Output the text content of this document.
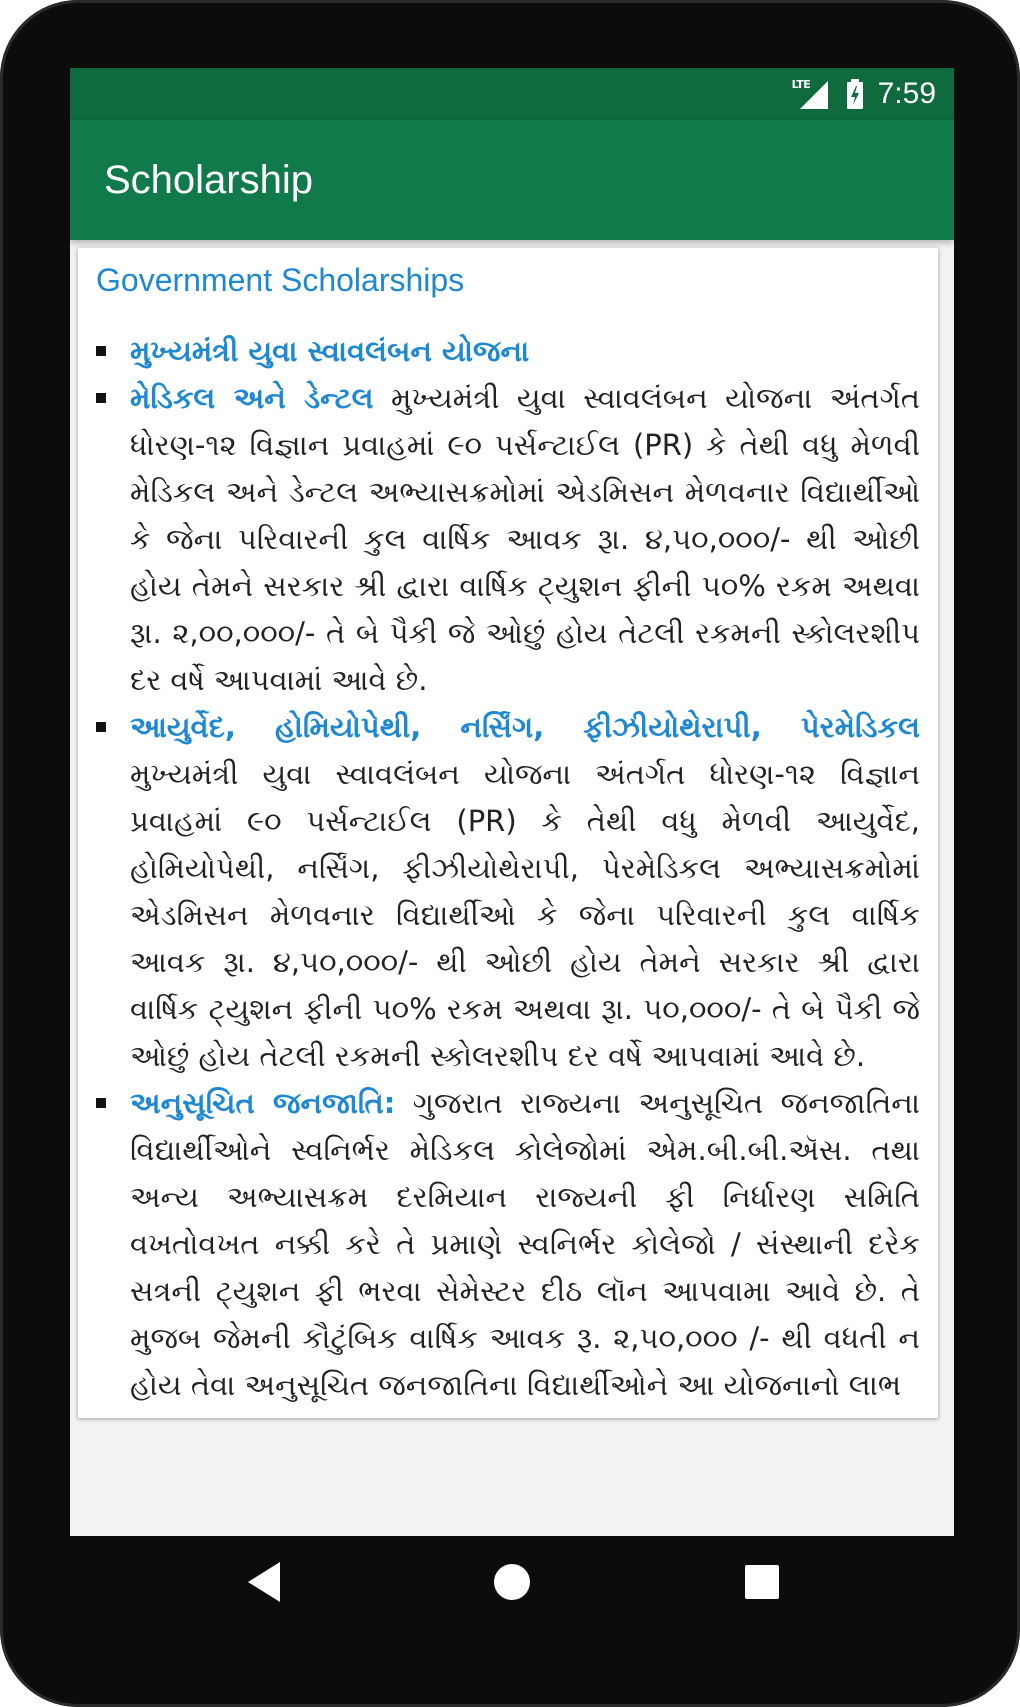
LTE 7:59
Scholarship
Government Scholarships
મુખ્યમંત્રી યુવા સ્વાવલંબન યોજના
મેડિકલ અને ડેન્ટલ મુખ્યમંત્રી યુવા સ્વાવલંબન યોજના અંતર્ગત ધોરણ-૧૨ વિજ્ઞાન પ્રવાહમાં ૯૦ પર્સન્ટાઈલ (PR) કે તેથી વધુ મેળવી મેડિકલ અને ડેન્ટલ અભ્યાસક્રમોમાં એડમિસન મેળવનાર વિદ્યાર્થીઓ કે જેના પરિવારની કુલ વાર્ષિક આવક રૂા. ૪,૫૦,૦૦૦/- થી ઓછી હોય તેમને સરકાર શ્રી દ્વારા વાર્ષિક ટ્યુશન ફીની ૫૦% રકમ અથવા રૂા. ૨,૦૦,૦૦૦/- તે બે પૈકી જે ઓછું હોય તેટલી રકમની સ્કોલરશીપ દર વર્ષે આપવામાં આવે છે.
આયુર્વેદ, હોમિયોપેથી, નર્સિંગ, ફીઝીયોથેરાપી, પેરમેડિકલ મુખ્યમંત્રી યુવા સ્વાવલંબન યોજના અંતર્ગત ધોરણ-૧૨ વિજ્ઞાન પ્રવાહમાં ૯૦ પર્સન્ટાઈલ (PR) કે તેથી વધુ મેળવી આયુર્વેદ, હોમિયોપેથી, નર્સિંગ, ફીઝીયોથેરાપી, પેરમેડિકલ અભ્યાસક્રમોમાં એડમિસન મેળવનાર વિદ્યાર્થીઓ કે જેના પરિવારની કુલ વાર્ષિક આવક રૂા. ૪,૫૦,૦૦૦/- થી ઓછી હોય તેમને સરકાર શ્રી દ્વારા વાર્ષિક ટ્યુશન ફીની ૫૦% રકમ અથવા રૂા. ૫૦,૦૦૦/- તે બે પૈકી જે ઓછું હોય તેટલી રકમની સ્કોલરશીપ દર વર્ષે આપવામાં આવે છે.
અનુસૂચિત જનજાતિ: ગુજરાત રાજ્યના અનુસૂચિત જનજાતિના વિદ્યાર્થીઓને સ્વનિર્ભર મેડિકલ કોલેજોમાં એમ.બી.બી.ઍસ. તથા અન્ય અભ્યાસક્રમ દરમિયાન રાજ્યની ફી નિર્ધારણ સમિતિ વખતોવખત નક્કી કરે તે પ્રમાણે સ્વનિર્ભર કોલેજો / સંસ્થાની દરેક સત્રની ટ્યુશન ફી ભરવા સેમેસ્ટર દીઠ લૉન આપવામા આવે છે. તે મુજબ જેમની કૌટુંબિક વાર્ષિક આવક રૂ. ૨,૫૦,૦૦૦ /- થી વધતી ન હોય તેવા અનુસૂચિત જનજાતિના વિદ્યાર્થીઓને આ યોજનાનો લાભ
